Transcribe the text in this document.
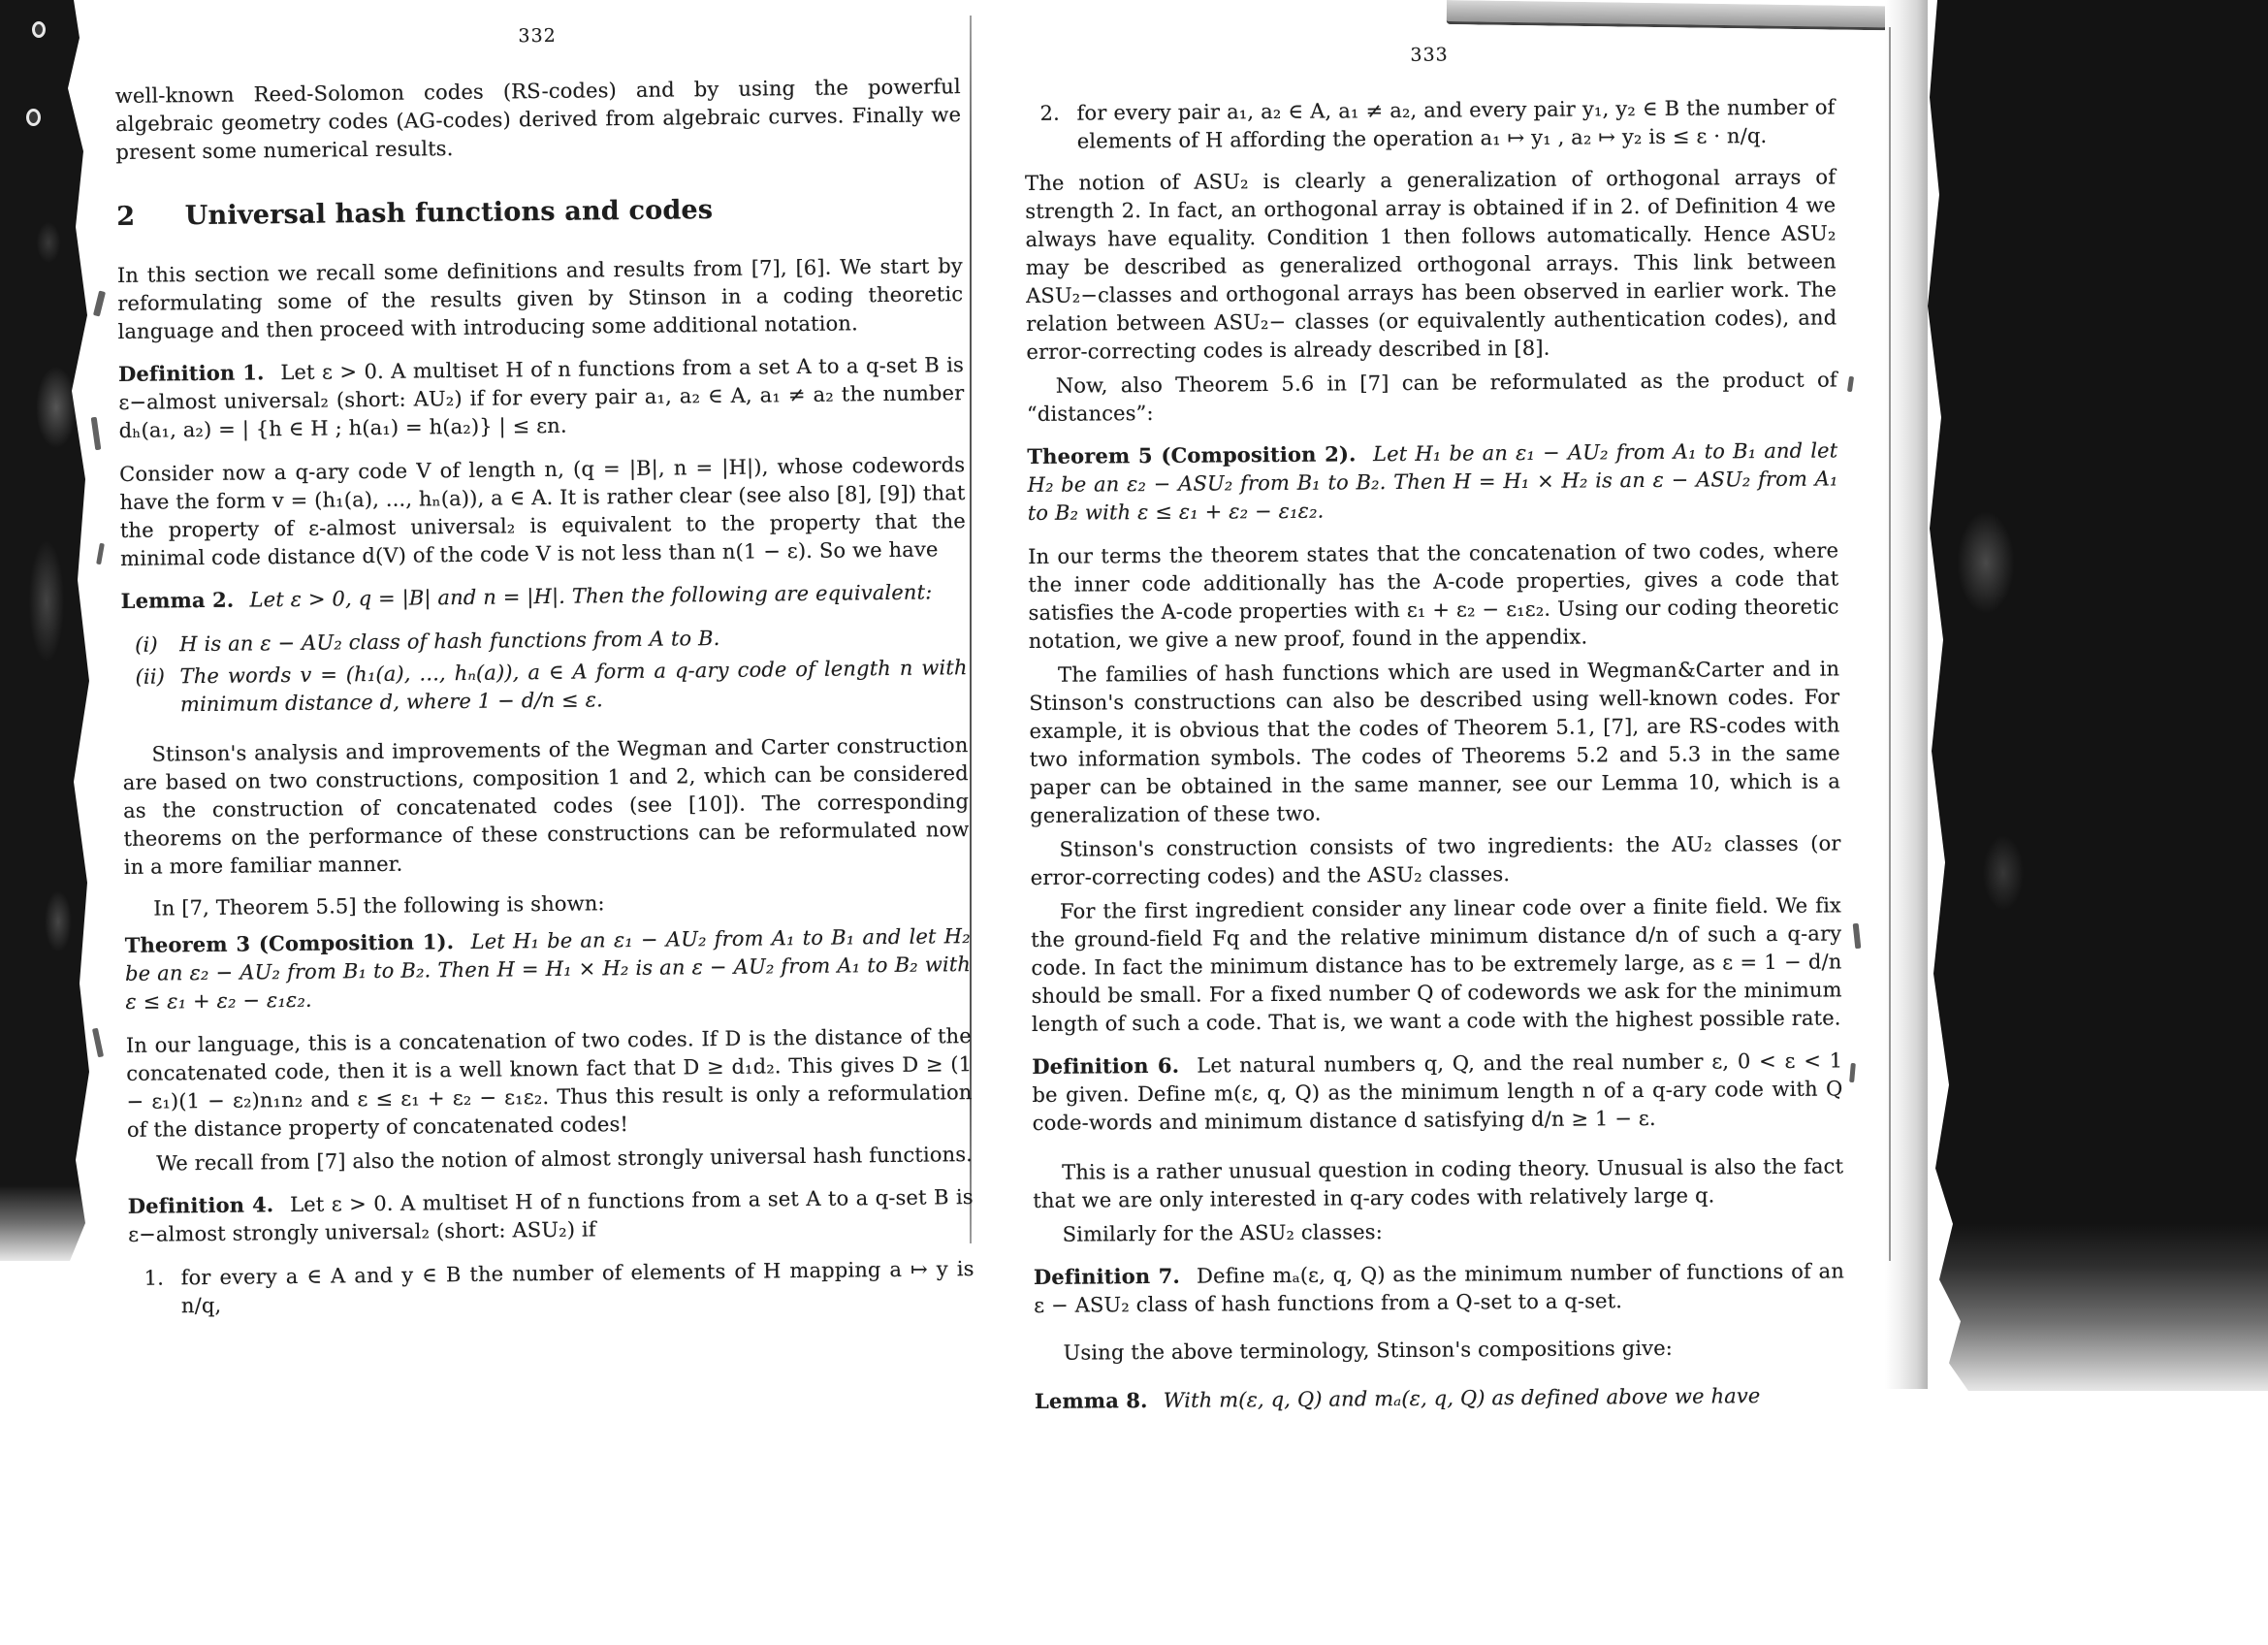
332

well-known Reed-Solomon codes (RS-codes) and by using the powerful algebraic geometry codes (AG-codes) derived from algebraic curves. Finally we present some numerical results.

2 Universal hash functions and codes

In this section we recall some definitions and results from [7], [6]. We start by reformulating some of the results given by Stinson in a coding theoretic language and then proceed with introducing some additional notation.

Definition 1. Let ε > 0. A multiset H of n functions from a set A to a q-set B is ε−almost universal₂ (short: AU₂) if for every pair a₁, a₂ ∈ A, a₁ ≠ a₂ the number dₕ(a₁, a₂) = | {h ∈ H ; h(a₁) = h(a₂)} | ≤ εn.

Consider now a q-ary code V of length n, (q = |B|, n = |H|), whose codewords have the form v = (h₁(a), ..., hₙ(a)), a ∈ A. It is rather clear (see also [8], [9]) that the property of ε-almost universal₂ is equivalent to the property that the minimal code distance d(V) of the code V is not less than n(1 − ε). So we have

Lemma 2. Let ε > 0, q = |B| and n = |H|. Then the following are equivalent:

(i)	H is an ε − AU₂ class of hash functions from A to B.
(ii) The words v = (h₁(a), ..., hₙ(a)), a ∈ A form a q-ary code of length n with minimum distance d, where 1 − d/n ≤ ε.

Stinson's analysis and improvements of the Wegman and Carter construction are based on two constructions, composition 1 and 2, which can be considered as the construction of concatenated codes (see [10]). The corresponding theorems on the performance of these constructions can be reformulated now in a more familiar manner.

In [7, Theorem 5.5] the following is shown:

Theorem 3 (Composition 1). Let H₁ be an ε₁ − AU₂ from A₁ to B₁ and let H₂ be an ε₂ − AU₂ from B₁ to B₂. Then H = H₁ × H₂ is an ε − AU₂ from A₁ to B₂ with ε ≤ ε₁ + ε₂ − ε₁ε₂.

In our language, this is a concatenation of two codes. If D is the distance of the concatenated code, then it is a well known fact that D ≥ d₁d₂. This gives D ≥ (1 − ε₁)(1 − ε₂)n₁n₂ and ε ≤ ε₁ + ε₂ − ε₁ε₂. Thus this result is only a reformulation of the distance property of concatenated codes!

We recall from [7] also the notion of almost strongly universal hash functions.

Definition 4. Let ε > 0. A multiset H of n functions from a set A to a q-set B is ε−almost strongly universal₂ (short: ASU₂) if

1. for every a ∈ A and y ∈ B the number of elements of H mapping a ↦ y is n/q,
333
2. for every pair a₁, a₂ ∈ A, a₁ ≠ a₂, and every pair y₁, y₂ ∈ B the number of elements of H affording the operation a₁ ↦ y₁ , a₂ ↦ y₂ is ≤ ε · n/q.

The notion of ASU₂ is clearly a generalization of orthogonal arrays of strength 2. In fact, an orthogonal array is obtained if in 2. of Definition 4 we always have equality. Condition 1 then follows automatically. Hence ASU₂ may be described as generalized orthogonal arrays. This link between ASU₂−classes and orthogonal arrays has been observed in earlier work. The relation between ASU₂− classes (or equivalently authentication codes), and error-correcting codes is already described in [8].

Now, also Theorem 5.6 in [7] can be reformulated as the product of “distances”:

Theorem 5 (Composition 2). Let H₁ be an ε₁ − AU₂ from A₁ to B₁ and let H₂ be an ε₂ − ASU₂ from B₁ to B₂. Then H = H₁ × H₂ is an ε − ASU₂ from A₁ to B₂ with ε ≤ ε₁ + ε₂ − ε₁ε₂.

In our terms the theorem states that the concatenation of two codes, where the inner code additionally has the A-code properties, gives a code that satisfies the A-code properties with ε₁ + ε₂ − ε₁ε₂. Using our coding theoretic notation, we give a new proof, found in the appendix.

The families of hash functions which are used in Wegman&Carter and in Stinson's constructions can also be described using well-known codes. For example, it is obvious that the codes of Theorem 5.1, [7], are RS-codes with two information symbols. The codes of Theorems 5.2 and 5.3 in the same paper can be obtained in the same manner, see our Lemma 10, which is a generalization of these two.

Stinson's construction consists of two ingredients: the AU₂ classes (or error-correcting codes) and the ASU₂ classes.

For the first ingredient consider any linear code over a finite field. We fix the ground-field Fq and the relative minimum distance d/n of such a q-ary code. In fact the minimum distance has to be extremely large, as ε = 1 − d/n should be small. For a fixed number Q of codewords we ask for the minimum length of such a code. That is, we want a code with the highest possible rate.

Definition 6. Let natural numbers q, Q, and the real number ε, 0 < ε < 1 be given. Define m(ε, q, Q) as the minimum length n of a q-ary code with Q code-words and minimum distance d satisfying d/n ≥ 1 − ε.

This is a rather unusual question in coding theory. Unusual is also the fact that we are only interested in q-ary codes with relatively large q.

Similarly for the ASU₂ classes:

Definition 7. Define mₐ(ε, q, Q) as the minimum number of functions of an ε − ASU₂ class of hash functions from a Q-set to a q-set.

Using the above terminology, Stinson's compositions give:

Lemma 8. With m(ε, q, Q) and mₐ(ε, q, Q) as defined above we have
